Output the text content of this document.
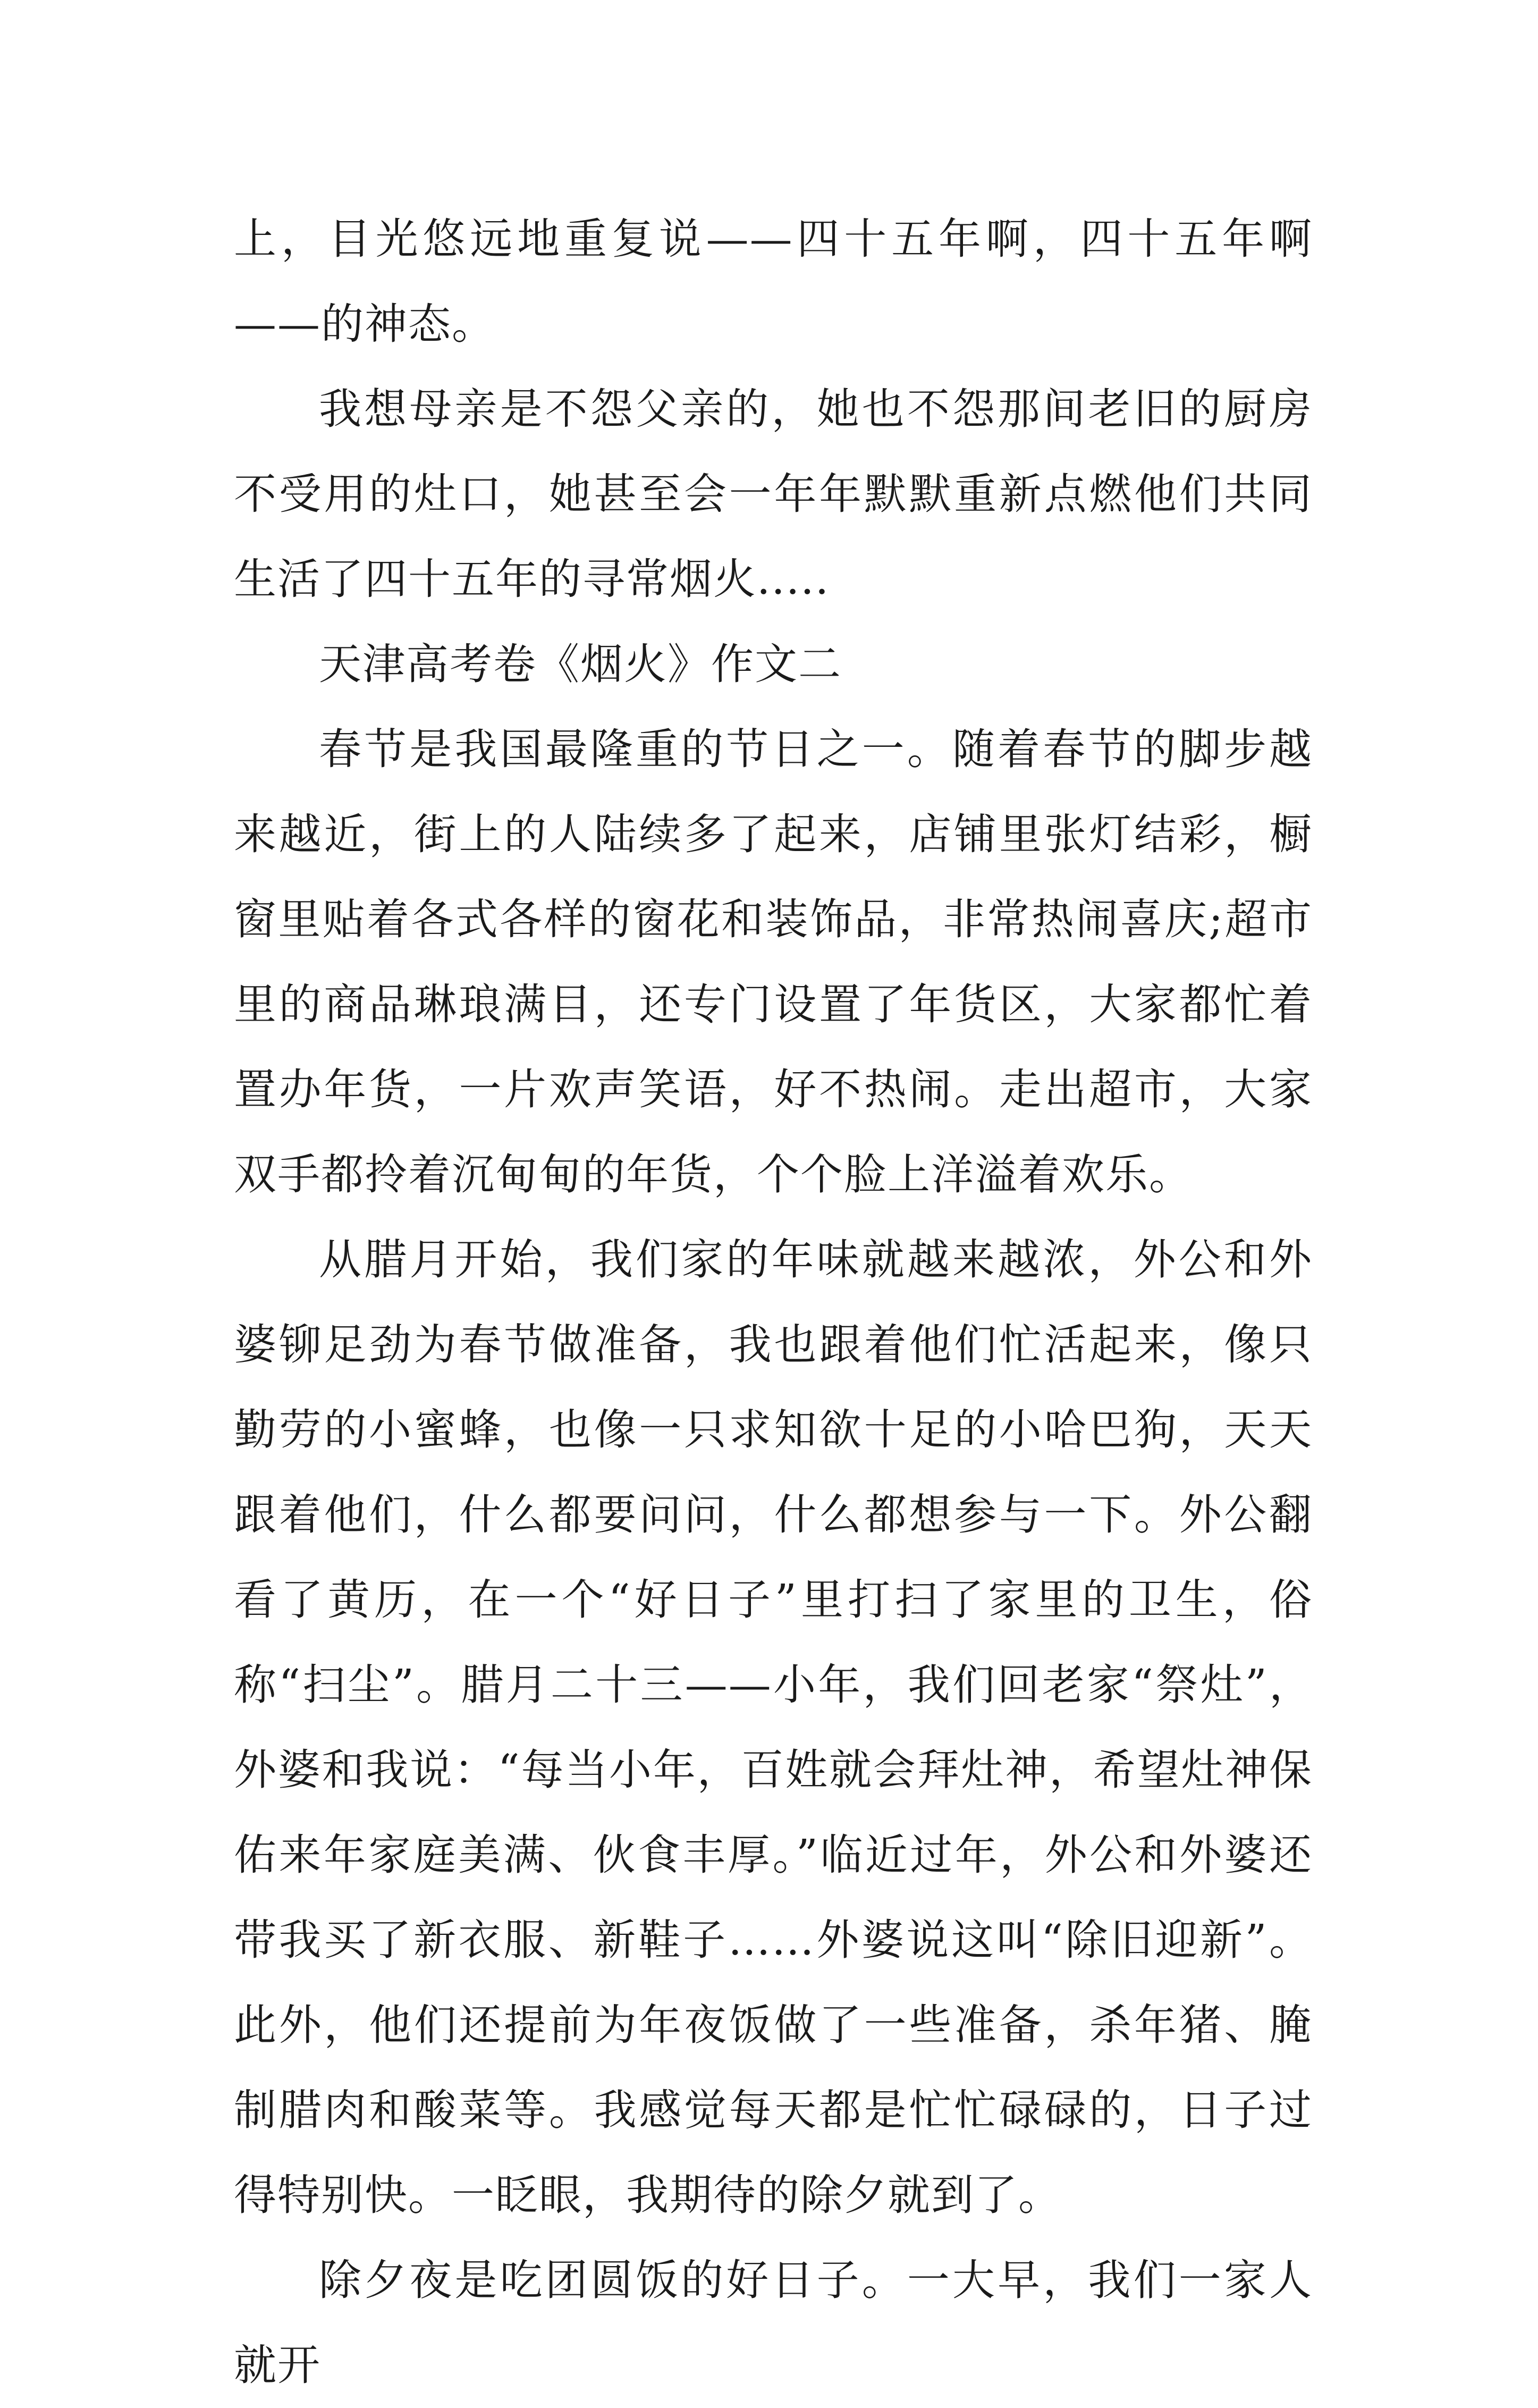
上，目光悠远地重复说——四十五年啊，四十五年啊——的神态。

我想母亲是不怨父亲的，她也不怨那间老旧的厨房不受用的灶口，她甚至会一年年默默重新点燃他们共同生活了四十五年的寻常烟火.....

天津高考卷《烟火》作文二

春节是我国最隆重的节日之一。随着春节的脚步越来越近，街上的人陆续多了起来，店铺里张灯结彩，橱窗里贴着各式各样的窗花和装饰品，非常热闹喜庆;超市里的商品琳琅满目，还专门设置了年货区，大家都忙着置办年货，一片欢声笑语，好不热闹。走出超市，大家双手都拎着沉甸甸的年货，个个脸上洋溢着欢乐。

从腊月开始，我们家的年味就越来越浓，外公和外婆铆足劲为春节做准备，我也跟着他们忙活起来，像只勤劳的小蜜蜂，也像一只求知欲十足的小哈巴狗，天天跟着他们，什么都要问问，什么都想参与一下。外公翻看了黄历，在一个“好日子”里打扫了家里的卫生，俗称“扫尘”。腊月二十三——小年，我们回老家“祭灶”，外婆和我说：“每当小年，百姓就会拜灶神，希望灶神保佑来年家庭美满、伙食丰厚。”临近过年，外公和外婆还带我买了新衣服、新鞋子……外婆说这叫“除旧迎新”。此外，他们还提前为年夜饭做了一些准备，杀年猪、腌制腊肉和酸菜等。我感觉每天都是忙忙碌碌的，日子过得特别快。一眨眼，我期待的除夕就到了。

除夕夜是吃团圆饭的好日子。一大早，我们一家人就开
